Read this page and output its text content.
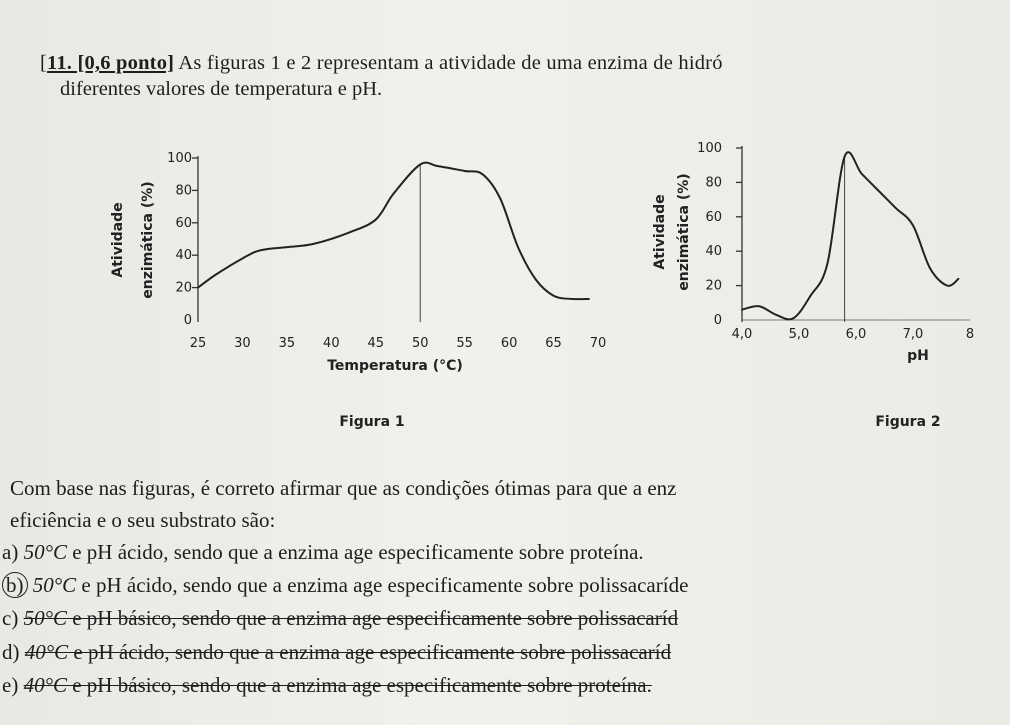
[11. [0,6 ponto] As figuras 1 e 2 representam a atividade de uma enzima de hidró
diferentes valores de temperatura e pH.
0
20
40
60
80
100
25 30 35 40 45 50 55 60 65 70
Atividade enzimática (%)
Temperatura (°C)
Figura 1
0
20
40
60
80
100
4,0	5,0	6,0	7,0	8
Atividade enzimática (%)
pH
Figura 2
Com base nas figuras, é correto afirmar que as condições ótimas para que a enz
eficiência e o seu substrato são:
a) 50°C e pH ácido, sendo que a enzima age especificamente sobre proteína.
b) 50°C e pH ácido, sendo que a enzima age especificamente sobre polissacaríde
c) 50°C e pH básico, sendo que a enzima age especificamente sobre polissacaríd
d) 40°C e pH ácido, sendo que a enzima age especificamente sobre polissacaríd
e) 40°C e pH básico, sendo que a enzima age especificamente sobre proteína.
